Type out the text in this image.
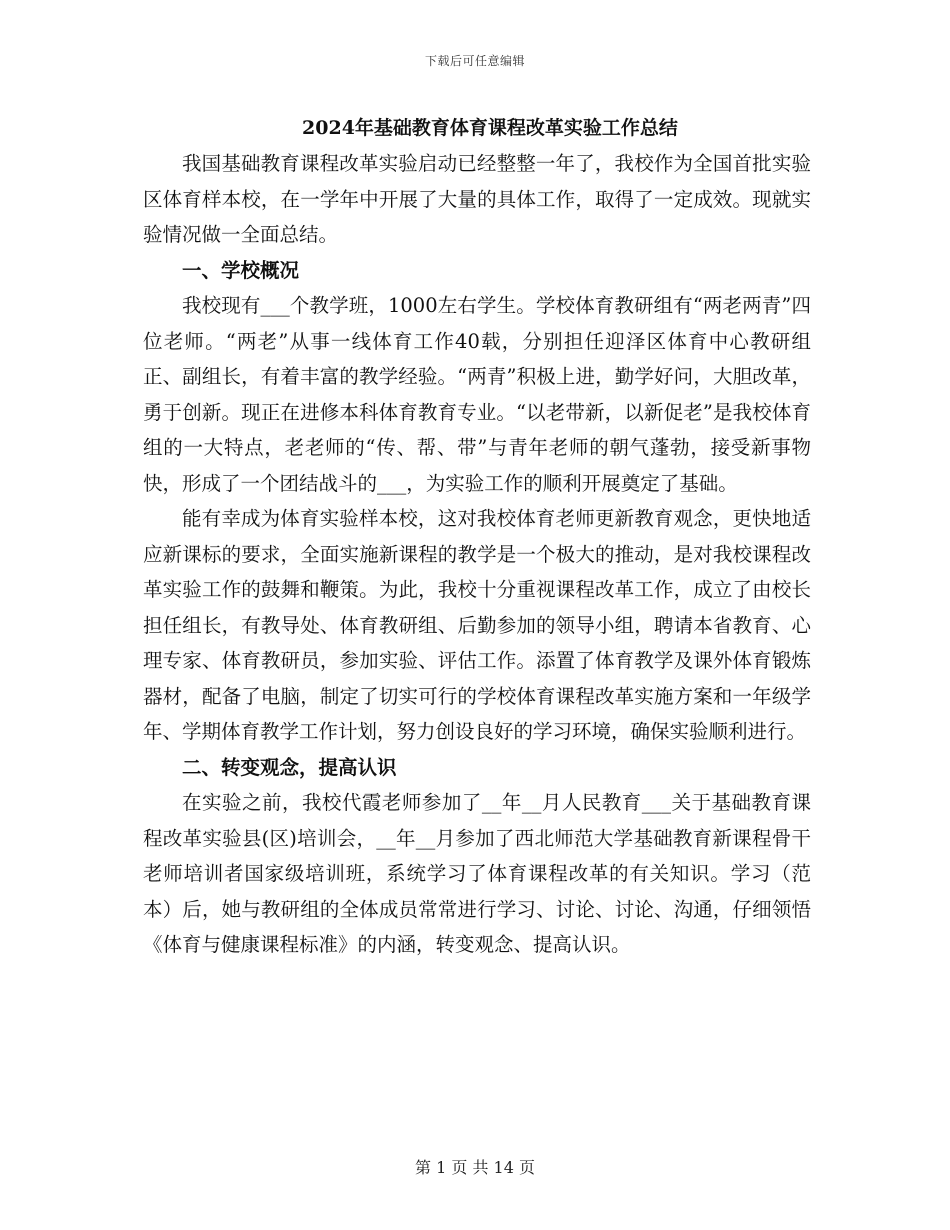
下载后可任意编辑
2024年基础教育体育课程改革实验工作总结

我国基础教育课程改革实验启动已经整整一年了，我校作为全国首批实验区体育样本校，在一学年中开展了大量的具体工作，取得了一定成效。现就实验情况做一全面总结。

一、学校概况

我校现有___个教学班，1000左右学生。学校体育教研组有“两老两青”四位老师。“两老”从事一线体育工作40载，分别担任迎泽区体育中心教研组正、副组长，有着丰富的教学经验。“两青”积极上进，勤学好问，大胆改革，勇于创新。现正在进修本科体育教育专业。“以老带新，以新促老”是我校体育组的一大特点，老老师的“传、帮、带”与青年老师的朝气蓬勃，接受新事物快，形成了一个团结战斗的___，为实验工作的顺利开展奠定了基础。

能有幸成为体育实验样本校，这对我校体育老师更新教育观念，更快地适应新课标的要求，全面实施新课程的教学是一个极大的推动，是对我校课程改革实验工作的鼓舞和鞭策。为此，我校十分重视课程改革工作，成立了由校长担任组长，有教导处、体育教研组、后勤参加的领导小组，聘请本省教育、心理专家、体育教研员，参加实验、评估工作。添置了体育教学及课外体育锻炼器材，配备了电脑，制定了切实可行的学校体育课程改革实施方案和一年级学年、学期体育教学工作计划，努力创设良好的学习环境，确保实验顺利进行。

二、转变观念，提高认识

在实验之前，我校代霞老师参加了__年__月人民教育___关于基础教育课程改革实验县(区)培训会，__年__月参加了西北师范大学基础教育新课程骨干老师培训者国家级培训班，系统学习了体育课程改革的有关知识。学习（范本）后，她与教研组的全体成员常常进行学习、讨论、讨论、沟通，仔细领悟《体育与健康课程标准》的内涵，转变观念、提高认识。

第 1 页 共 14 页
